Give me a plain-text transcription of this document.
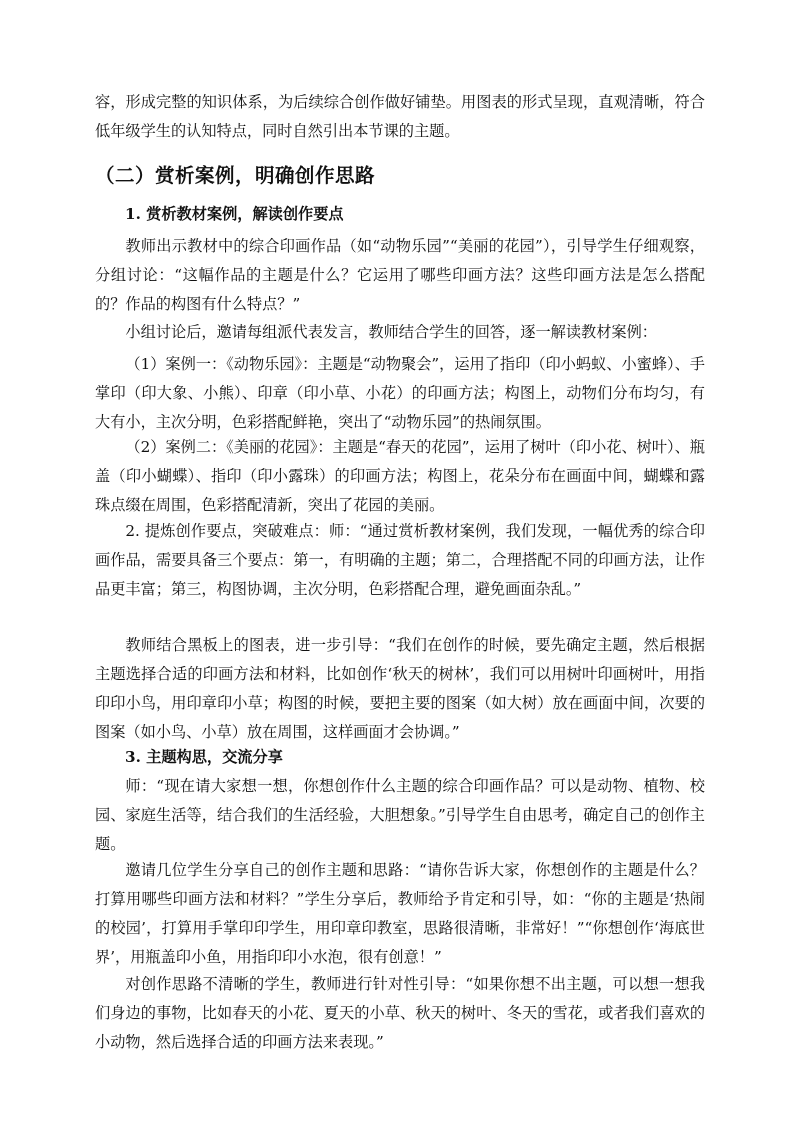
容，形成完整的知识体系，为后续综合创作做好铺垫。用图表的形式呈现，直观清晰，符合低年级学生的认知特点，同时自然引出本节课的主题。

（二）赏析案例，明确创作思路
1. 赏析教材案例，解读创作要点

教师出示教材中的综合印画作品（如“动物乐园”“美丽的花园”），引导学生仔细观察，分组讨论：“这幅作品的主题是什么？它运用了哪些印画方法？这些印画方法是怎么搭配的？作品的构图有什么特点？”

小组讨论后，邀请每组派代表发言，教师结合学生的回答，逐一解读教材案例：

（1）案例一：《动物乐园》：主题是“动物聚会”，运用了指印（印小蚂蚁、小蜜蜂）、手掌印（印大象、小熊）、印章（印小草、小花）的印画方法；构图上，动物们分布均匀，有大有小，主次分明，色彩搭配鲜艳，突出了“动物乐园”的热闹氛围。

（2）案例二：《美丽的花园》：主题是“春天的花园”，运用了树叶（印小花、树叶）、瓶盖（印小蝴蝶）、指印（印小露珠）的印画方法；构图上，花朵分布在画面中间，蝴蝶和露珠点缀在周围，色彩搭配清新，突出了花园的美丽。

2. 提炼创作要点，突破难点：师：“通过赏析教材案例，我们发现，一幅优秀的综合印画作品，需要具备三个要点：第一，有明确的主题；第二，合理搭配不同的印画方法，让作品更丰富；第三，构图协调，主次分明，色彩搭配合理，避免画面杂乱。”

教师结合黑板上的图表，进一步引导：“我们在创作的时候，要先确定主题，然后根据主题选择合适的印画方法和材料，比如创作‘秋天的树林’，我们可以用树叶印画树叶，用指印印小鸟，用印章印小草；构图的时候，要把主要的图案（如大树）放在画面中间，次要的图案（如小鸟、小草）放在周围，这样画面才会协调。”

3. 主题构思，交流分享

师：“现在请大家想一想，你想创作什么主题的综合印画作品？可以是动物、植物、校园、家庭生活等，结合我们的生活经验，大胆想象。”引导学生自由思考，确定自己的创作主题。

邀请几位学生分享自己的创作主题和思路：“请你告诉大家，你想创作的主题是什么？打算用哪些印画方法和材料？”学生分享后，教师给予肯定和引导，如：“你的主题是‘热闹的校园’，打算用手掌印印学生，用印章印教室，思路很清晰，非常好！”“你想创作‘海底世界’，用瓶盖印小鱼，用指印印小水泡，很有创意！”

对创作思路不清晰的学生，教师进行针对性引导：“如果你想不出主题，可以想一想我们身边的事物，比如春天的小花、夏天的小草、秋天的树叶、冬天的雪花，或者我们喜欢的小动物，然后选择合适的印画方法来表现。”
